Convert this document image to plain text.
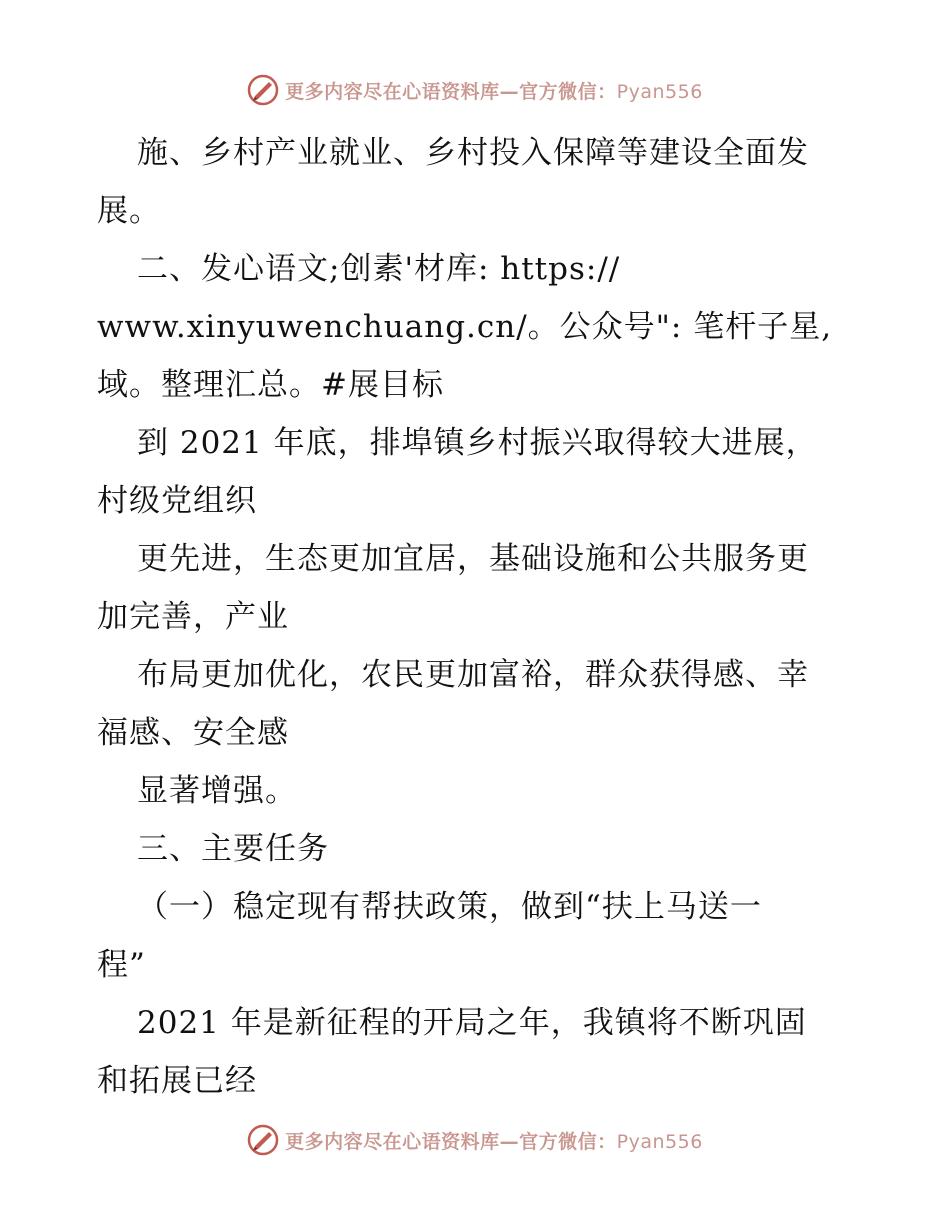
更多内容尽在心语资料库—官方微信：Pyan556
施、乡村产业就业、乡村投入保障等建设全面发
展。
二、发心语文;创素'材库: https://
www.xinyuwenchuang.cn/。公众号": 笔杆子星,
域。整理汇总。#展目标
到 2021 年底，排埠镇乡村振兴取得较大进展，
村级党组织
更先进，生态更加宜居，基础设施和公共服务更
加完善，产业
布局更加优化，农民更加富裕，群众获得感、幸
福感、安全感
显著增强。
三、主要任务
（一）稳定现有帮扶政策，做到“扶上马送一
程”
2021 年是新征程的开局之年，我镇将不断巩固
和拓展已经
更多内容尽在心语资料库—官方微信：Pyan556
